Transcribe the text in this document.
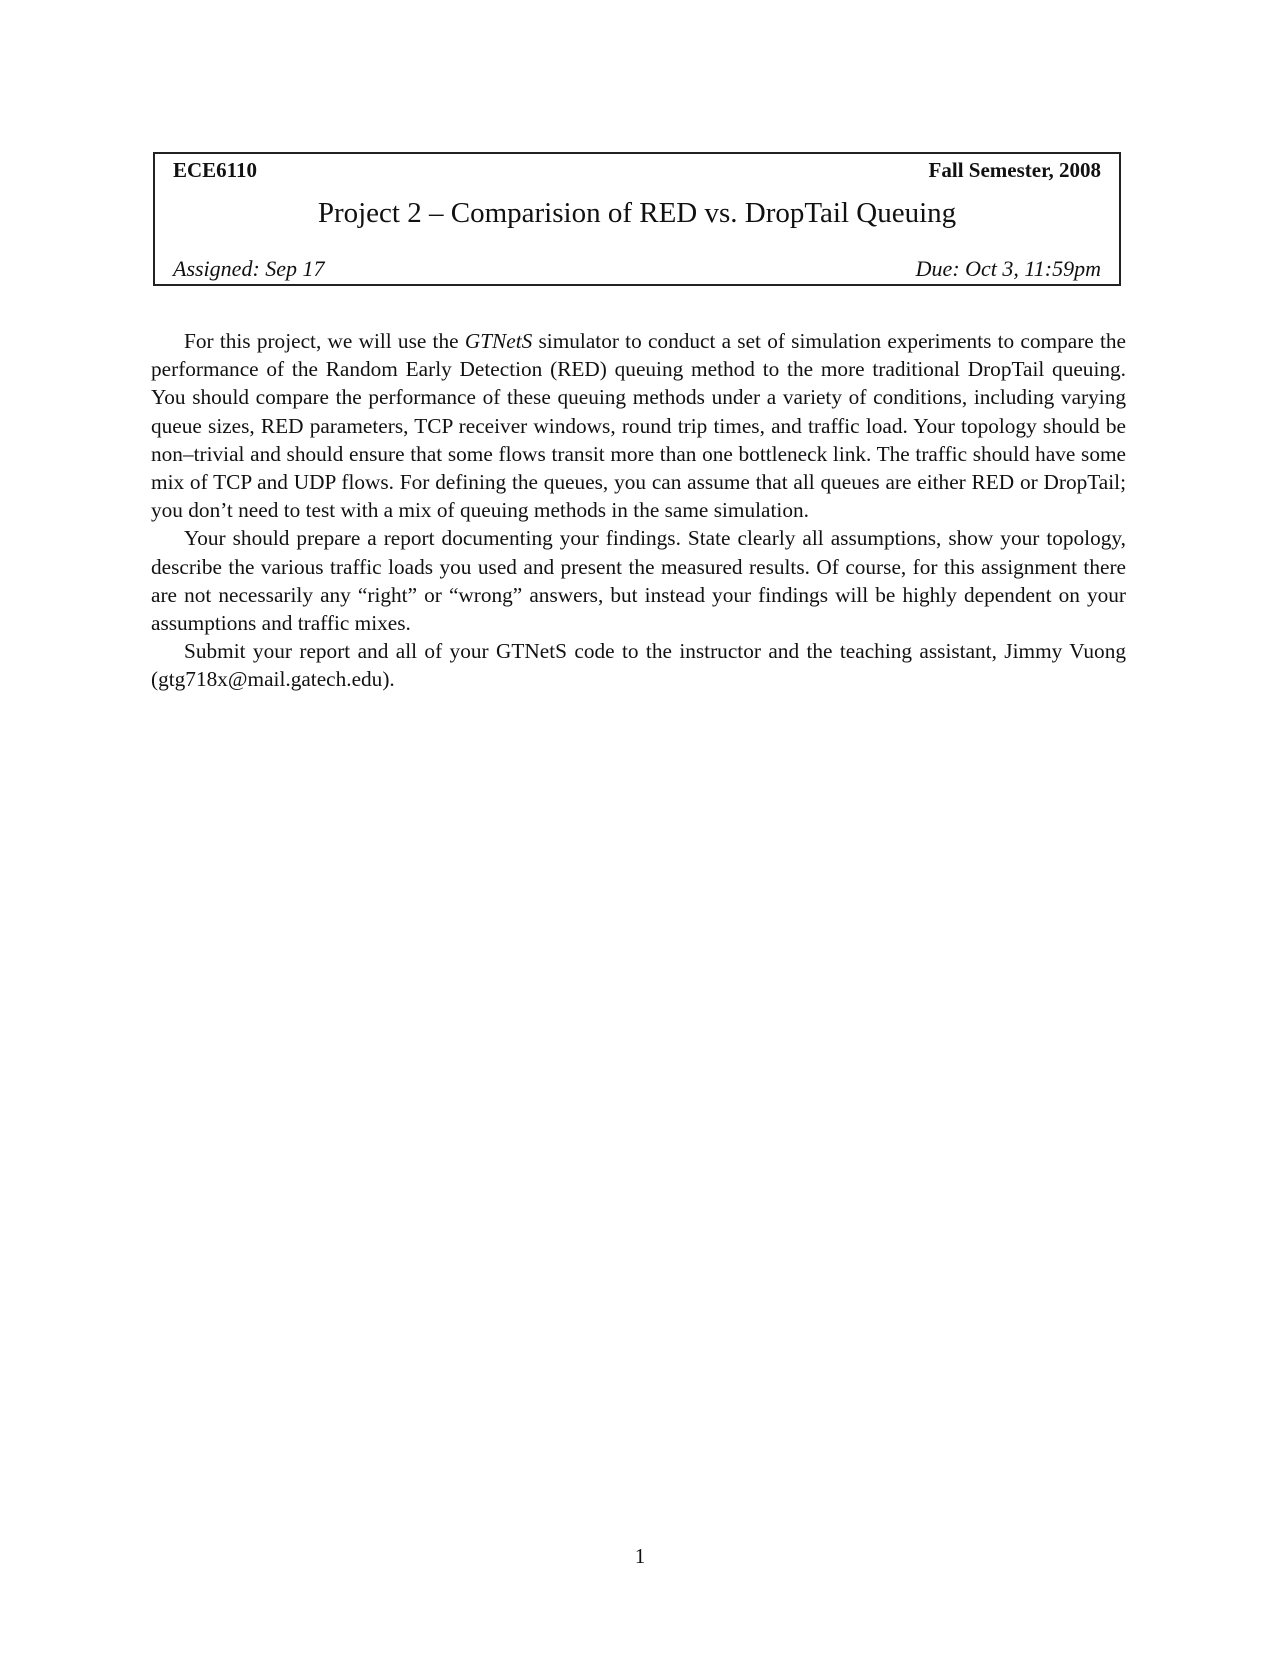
ECE6110	Fall Semester, 2008
Project 2 – Comparision of RED vs. DropTail Queuing
Assigned: Sep 17	Due: Oct 3, 11:59pm

For this project, we will use the GTNetS simulator to conduct a set of simulation experiments to compare the performance of the Random Early Detection (RED) queuing method to the more traditional DropTail queuing. You should compare the performance of these queuing methods under a variety of conditions, including varying queue sizes, RED parameters, TCP receiver windows, round trip times, and traffic load. Your topology should be non–trivial and should ensure that some flows transit more than one bottleneck link. The traffic should have some mix of TCP and UDP flows. For defining the queues, you can assume that all queues are either RED or DropTail; you don’t need to test with a mix of queuing methods in the same simulation.

Your should prepare a report documenting your findings. State clearly all assumptions, show your topology, describe the various traffic loads you used and present the measured results. Of course, for this assignment there are not necessarily any “right” or “wrong” answers, but instead your findings will be highly dependent on your assumptions and traffic mixes.

Submit your report and all of your GTNetS code to the instructor and the teaching assistant, Jimmy Vuong (gtg718x@mail.gatech.edu).

1
